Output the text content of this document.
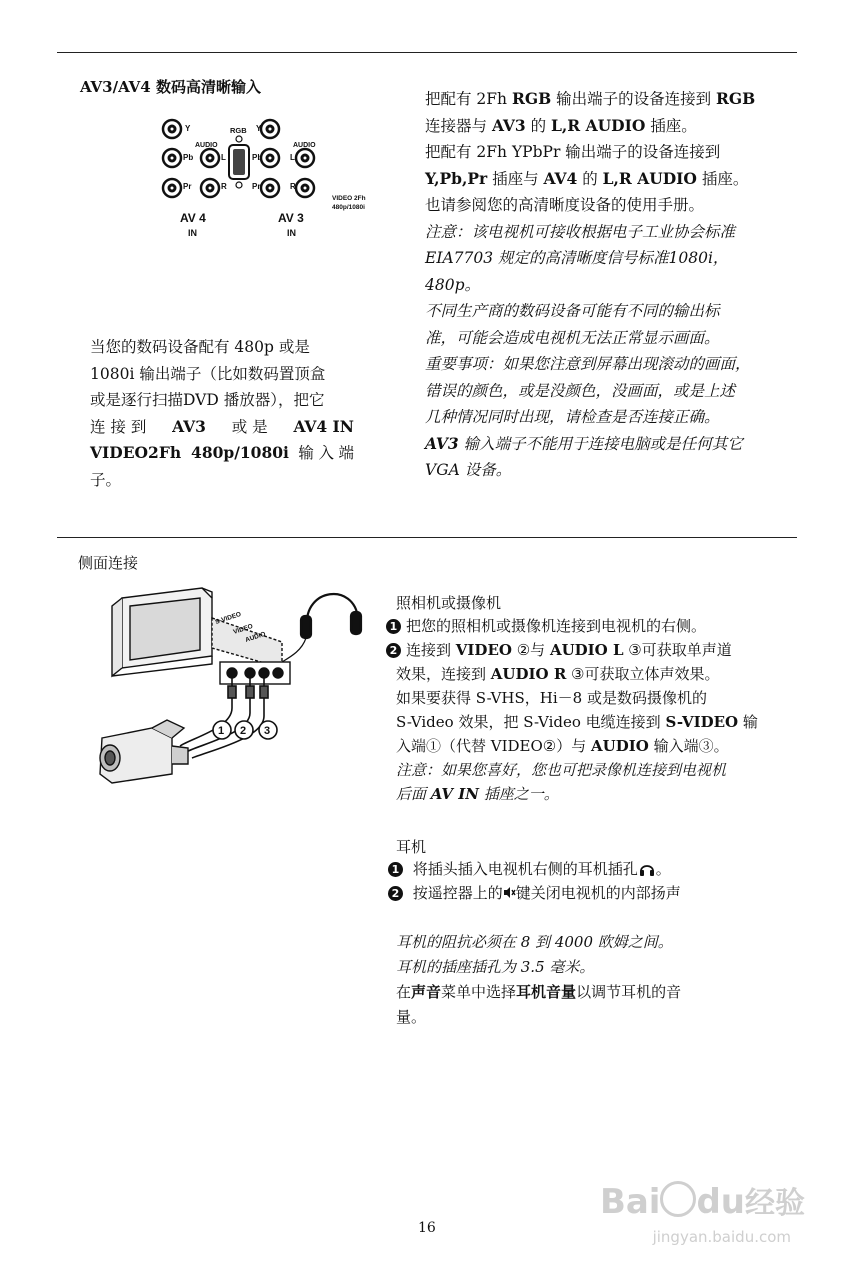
AV3/AV4 数码高清晰输入
Y
Pb
Pr
AUDIO
L
R
RGB Y
Pb
Pr
AUDIO
L
R
VIDEO 2Fh
480p/1080i
AV 4
IN
AV 3
IN

当您的数码设备配有 480p 或是

1080i 输出端子（比如数码置顶盒

或是逐行扫描DVD 播放器），把它

连 接 到 AV3 或 是 AV4 IN

VIDEO2Fh 480p/1080i 输入端子。

把配有 2Fh RGB 输出端子的设备连接到 RGB

连接器与 AV3 的 L,R AUDIO 插座。

把配有 2Fh YPbPr 输出端子的设备连接到

Y,Pb,Pr 插座与 AV4 的 L,R AUDIO 插座。

也请参阅您的高清晰度设备的使用手册。

注意：该电视机可接收根据电子工业协会标准

EIA7703 规定的高清晰度信号标准1080i，

480p。

不同生产商的数码设备可能有不同的输出标

准，可能会造成电视机无法正常显示画面。

重要事项：如果您注意到屏幕出现滚动的画面，

错误的颜色，或是没颜色，没画面，或是上述

几种情况同时出现，请检查是否连接正确。

AV3 输入端子不能用于连接电脑或是任何其它

VGA 设备。

侧面连接
S-VIDEO
VIDEO
AUDIO
1 2 3
照相机或摄像机

1 把您的照相机或摄像机连接到电视机的右侧。

2 连接到 VIDEO ②与 AUDIO L ③可获取单声道

效果，连接到 AUDIO R ③可获取立体声效果。

如果要获得 S-VHS，Hi－8 或是数码摄像机的

S-Video 效果，把 S-Video 电缆连接到 S-VIDEO 输

入端①（代替 VIDEO②）与 AUDIO 输入端③。

注意：如果您喜好，您也可把录像机连接到电视机

后面 AV IN 插座之一。

耳机

1 将插头插入电视机右侧的耳机插孔 。

2 按遥控器上的 键关闭电视机的内部扬声

耳机的阻抗必须在 8 到 4000 欧姆之间。

耳机的插座插孔为 3.5 毫米。

在声音菜单中选择耳机音量以调节耳机的音

量。

16
Bai du经验
jingyan.baidu.com
